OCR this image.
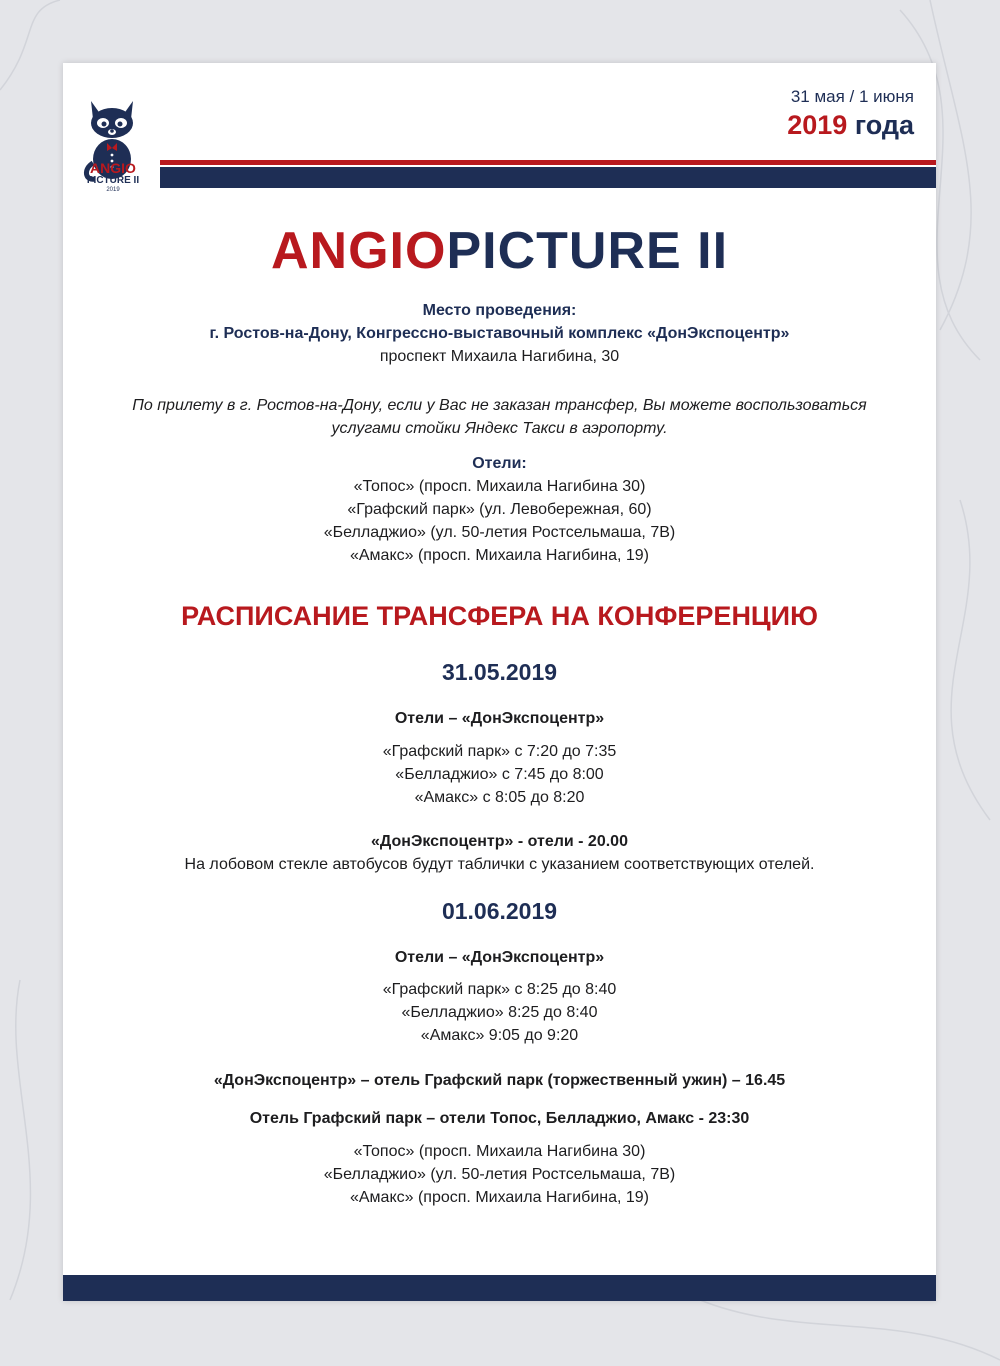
ANGIO
PICTURE II
2019
31 мая / 1 июня
2019 года
ANGIOPICTURE II

Место проведения:

г. Ростов-на-Дону, Конгрессно-выставочный комплекс «ДонЭкспоцентр»

проспект Михаила Нагибина, 30

По прилету в г. Ростов-на-Дону, если у Вас не заказан трансфер, Вы можете воспользоваться

услугами стойки Яндекс Такси в аэропорту.

Отели:

«Топос» (просп. Михаила Нагибина 30)

«Графский парк» (ул. Левобережная, 60)

«Белладжио» (ул. 50-летия Ростсельмаша, 7В)

«Амакс» (просп. Михаила Нагибина, 19)

РАСПИСАНИЕ ТРАНСФЕРА НА КОНФЕРЕНЦИЮ
31.05.2019

Отели – «ДонЭкспоцентр»

«Графский парк» с 7:20 до 7:35

«Белладжио» с 7:45 до 8:00

«Амакс» с 8:05 до 8:20

«ДонЭкспоцентр» - отели - 20.00

На лобовом стекле автобусов будут таблички с указанием соответствующих отелей.

01.06.2019

Отели – «ДонЭкспоцентр»

«Графский парк» с 8:25 до 8:40

«Белладжио» 8:25 до 8:40

«Амакс» 9:05 до 9:20

«ДонЭкспоцентр» – отель Графский парк (торжественный ужин) – 16.45

Отель Графский парк – отели Топос, Белладжио, Амакс - 23:30

«Топос» (просп. Михаила Нагибина 30)

«Белладжио» (ул. 50-летия Ростсельмаша, 7В)

«Амакс» (просп. Михаила Нагибина, 19)
